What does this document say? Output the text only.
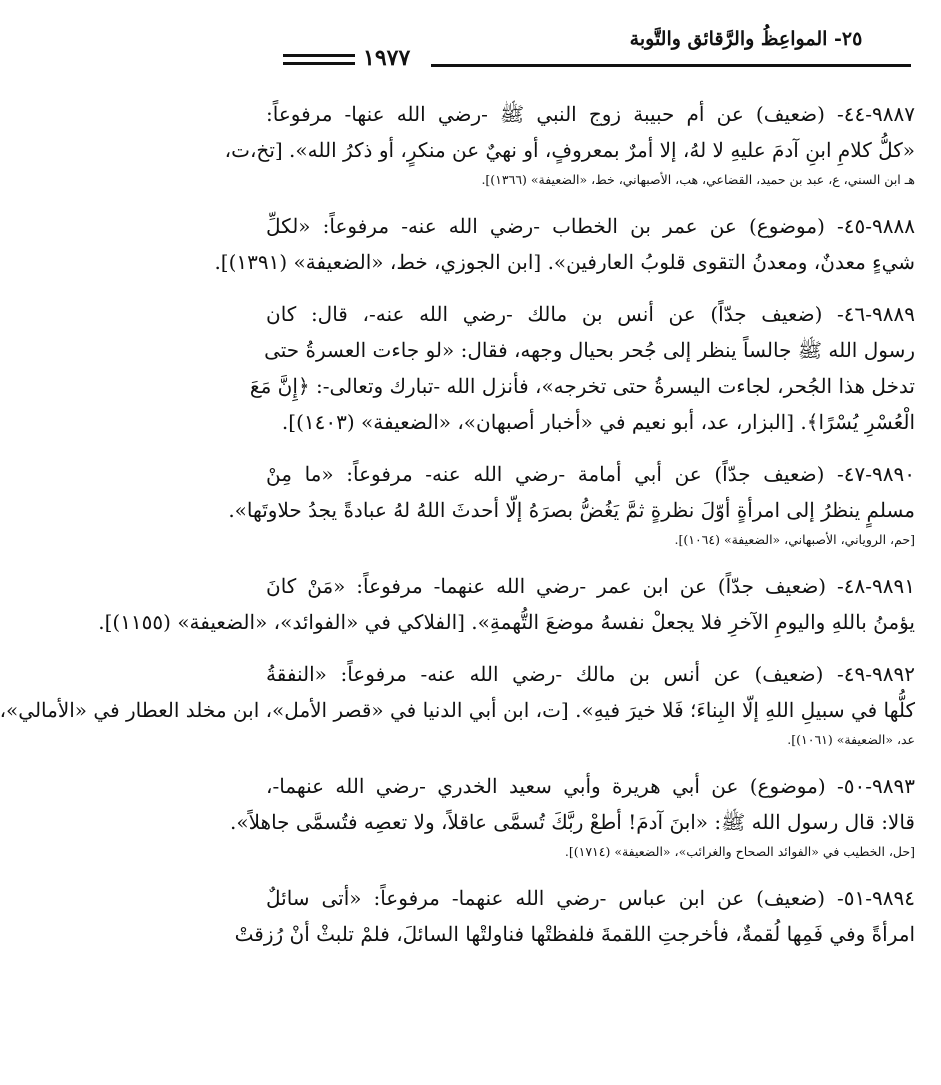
٢٥- المواعِظُ والرَّقائق والتَّوبة
١٩٧٧
٩٨٨٧-٤٤- (ضعيف) عن أم حبيبة زوج النبي ﷺ -رضي الله عنها- مرفوعاً:
«كلُّ كلامِ ابنِ آدمَ عليهِ لا لهُ، إلا أمرٌ بمعروفٍ، أو نهيٌ عن منكرٍ، أو ذكرُ الله». [تخ،ت،
هـ ابن السني، ع، عبد بن حميد، القضاعي، هب، الأصبهاني، خط، «الضعيفة» (١٣٦٦)].
٩٨٨٨-٤٥- (موضوع) عن عمر بن الخطاب -رضي الله عنه- مرفوعاً: «لكلِّ
شيءٍ معدنٌ، ومعدنُ التقوى قلوبُ العارفين». [ابن الجوزي، خط، «الضعيفة» (١٣٩١)].
٩٨٨٩-٤٦- (ضعيف جدّاً) عن أنس بن مالك -رضي الله عنه-، قال: كان
رسول الله ﷺ جالساً ينظر إلى جُحر بحيال وجهه، فقال: «لو جاءت العسرةُ حتى
تدخل هذا الجُحر، لجاءت اليسرةُ حتى تخرجه»، فأنزل الله -تبارك وتعالى-: ﴿إِنَّ مَعَ
الْعُسْرِ يُسْرًا﴾. [البزار، عد، أبو نعيم في «أخبار أصبهان»، «الضعيفة» (١٤٠٣)].
٩٨٩٠-٤٧- (ضعيف جدّاً) عن أبي أمامة -رضي الله عنه- مرفوعاً: «ما مِنْ
مسلمٍ ينظرُ إلى امرأةٍ أوّلَ نظرةٍ ثمَّ يَغُضُّ بصرَهُ إلّا أحدثَ اللهُ لهُ عبادةً يجدُ حلاوتَها».
[حم، الروياني، الأصبهاني، «الضعيفة» (١٠٦٤)].
٩٨٩١-٤٨- (ضعيف جدّاً) عن ابن عمر -رضي الله عنهما- مرفوعاً: «مَنْ كانَ
يؤمنُ باللهِ واليومِ الآخرِ فلا يجعلْ نفسهُ موضعَ التُّهمةِ». [الفلاكي في «الفوائد»، «الضعيفة» (١١٥٥)].
٩٨٩٢-٤٩- (ضعيف) عن أنس بن مالك -رضي الله عنه- مرفوعاً: «النفقةُ
كلُّها في سبيلِ اللهِ إلّا البِناءَ؛ فَلا خيرَ فيهِ». [ت، ابن أبي الدنيا في «قصر الأمل»، ابن مخلد العطار في «الأمالي»،
عد، «الضعيفة» (١٠٦١)].
٩٨٩٣-٥٠- (موضوع) عن أبي هريرة وأبي سعيد الخدري -رضي الله عنهما-،
قالا: قال رسول الله ﷺ: «ابنَ آدمَ! أطعْ ربَّكَ تُسمَّى عاقلاً، ولا تعصِه فتُسمَّى جاهلاً».
[حل، الخطيب في «الفوائد الصحاح والغرائب»، «الضعيفة» (١٧١٤)].
٩٨٩٤-٥١- (ضعيف) عن ابن عباس -رضي الله عنهما- مرفوعاً: «أتى سائلٌ
امرأةً وفي فَمِها لُقمةٌ، فأخرجتِ اللقمةَ فلفظتْها فناولتْها السائلَ، فلمْ تلبثْ أنْ رُزقتْ
